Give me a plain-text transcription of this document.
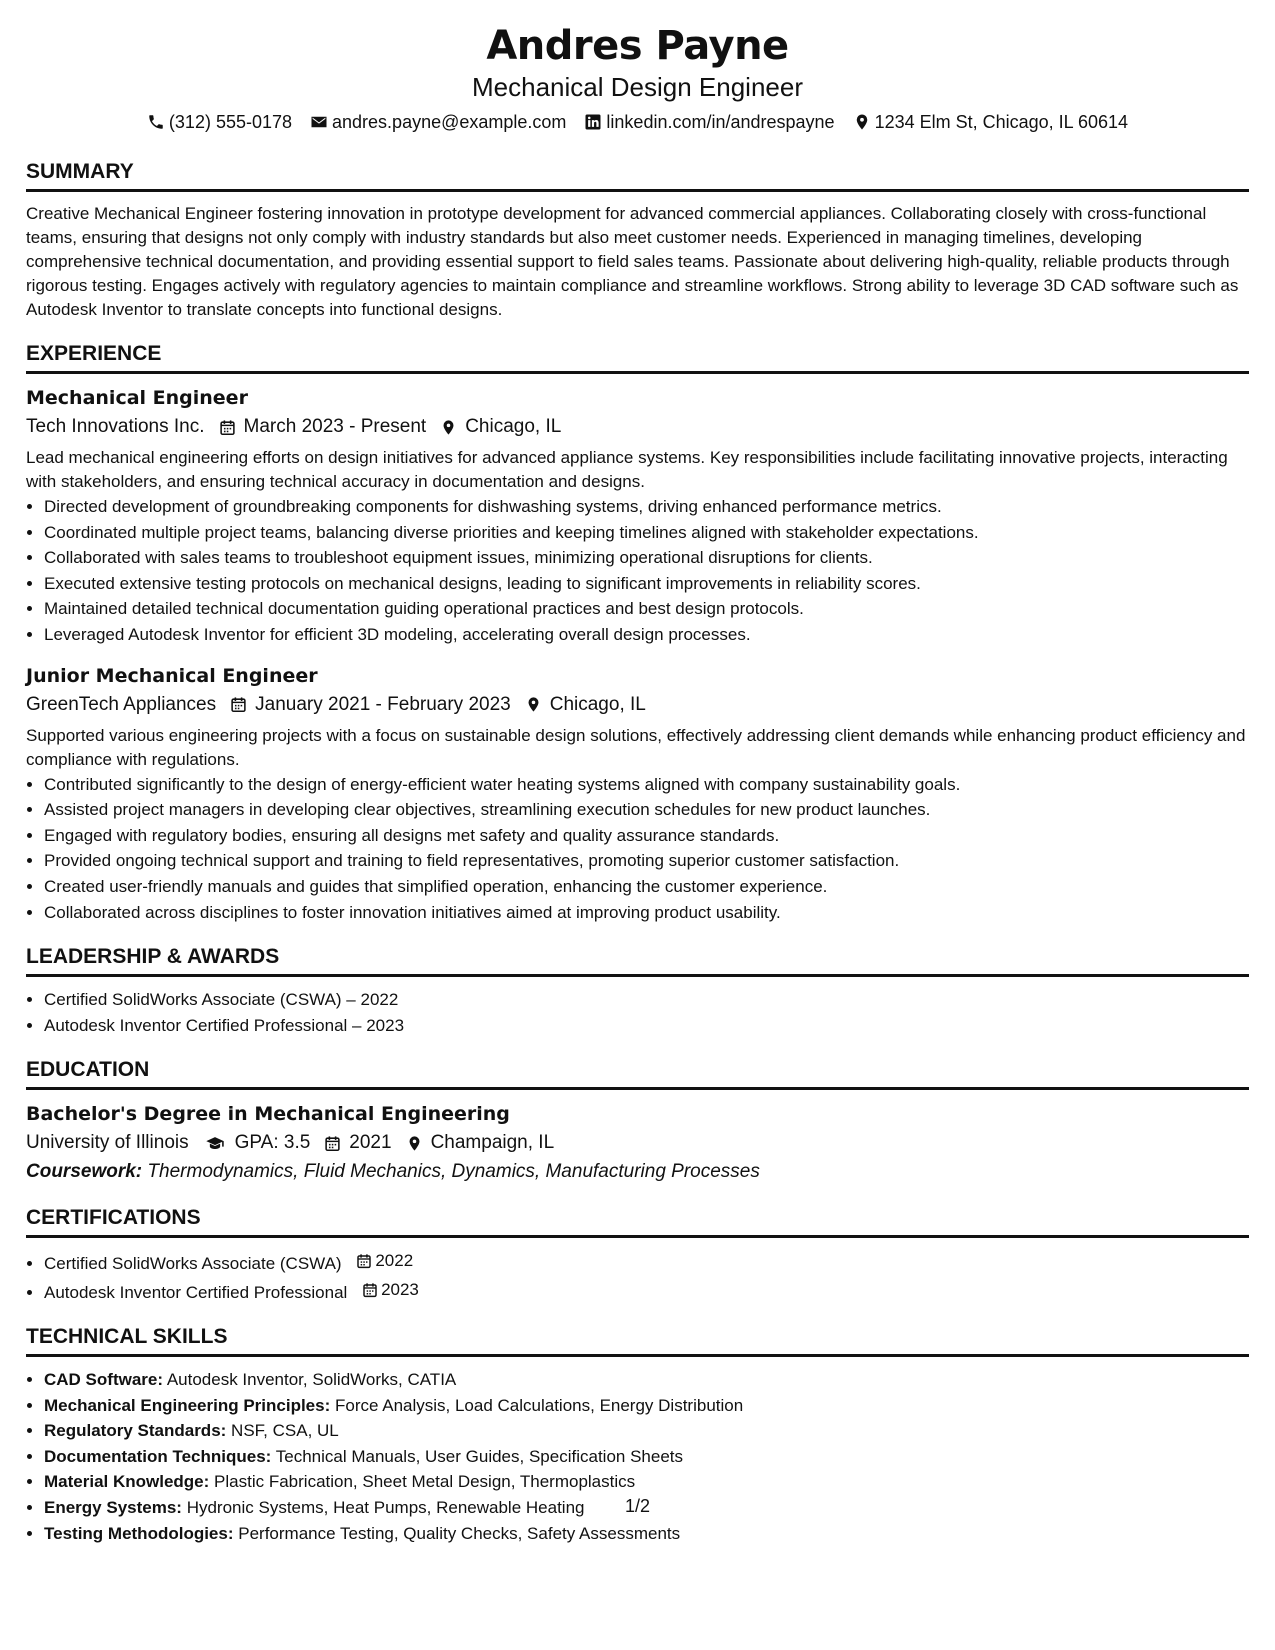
Andres Payne
Mechanical Design Engineer
(312) 555-0178 andres.payne@example.com linkedin.com/in/andrespayne 1234 Elm St, Chicago, IL 60614
SUMMARY
Creative Mechanical Engineer fostering innovation in prototype development for advanced commercial appliances. Collaborating closely with cross-functional teams, ensuring that designs not only comply with industry standards but also meet customer needs. Experienced in managing timelines, developing comprehensive technical documentation, and providing essential support to field sales teams. Passionate about delivering high-quality, reliable products through rigorous testing. Engages actively with regulatory agencies to maintain compliance and streamline workflows. Strong ability to leverage 3D CAD software such as Autodesk Inventor to translate concepts into functional designs.
EXPERIENCE
Mechanical Engineer
Tech Innovations Inc. March 2023 - Present Chicago, IL
Lead mechanical engineering efforts on design initiatives for advanced appliance systems. Key responsibilities include facilitating innovative projects, interacting with stakeholders, and ensuring technical accuracy in documentation and designs.
• Directed development of groundbreaking components for dishwashing systems, driving enhanced performance metrics.
• Coordinated multiple project teams, balancing diverse priorities and keeping timelines aligned with stakeholder expectations.
• Collaborated with sales teams to troubleshoot equipment issues, minimizing operational disruptions for clients.
• Executed extensive testing protocols on mechanical designs, leading to significant improvements in reliability scores.
• Maintained detailed technical documentation guiding operational practices and best design protocols.
• Leveraged Autodesk Inventor for efficient 3D modeling, accelerating overall design processes.
Junior Mechanical Engineer
GreenTech Appliances January 2021 - February 2023 Chicago, IL
Supported various engineering projects with a focus on sustainable design solutions, effectively addressing client demands while enhancing product efficiency and compliance with regulations.
• Contributed significantly to the design of energy-efficient water heating systems aligned with company sustainability goals.
• Assisted project managers in developing clear objectives, streamlining execution schedules for new product launches.
• Engaged with regulatory bodies, ensuring all designs met safety and quality assurance standards.
• Provided ongoing technical support and training to field representatives, promoting superior customer satisfaction.
• Created user-friendly manuals and guides that simplified operation, enhancing the customer experience.
• Collaborated across disciplines to foster innovation initiatives aimed at improving product usability.
LEADERSHIP & AWARDS
• Certified SolidWorks Associate (CSWA) – 2022
• Autodesk Inventor Certified Professional – 2023
EDUCATION
Bachelor's Degree in Mechanical Engineering
University of Illinois GPA: 3.5 2021 Champaign, IL
Coursework: Thermodynamics, Fluid Mechanics, Dynamics, Manufacturing Processes
CERTIFICATIONS
• Certified SolidWorks Associate (CSWA) 2022
• Autodesk Inventor Certified Professional 2023
TECHNICAL SKILLS
• CAD Software: Autodesk Inventor, SolidWorks, CATIA
• Mechanical Engineering Principles: Force Analysis, Load Calculations, Energy Distribution
• Regulatory Standards: NSF, CSA, UL
• Documentation Techniques: Technical Manuals, User Guides, Specification Sheets
• Material Knowledge: Plastic Fabrication, Sheet Metal Design, Thermoplastics
• Energy Systems: Hydronic Systems, Heat Pumps, Renewable Heating
• Testing Methodologies: Performance Testing, Quality Checks, Safety Assessments
1/2
